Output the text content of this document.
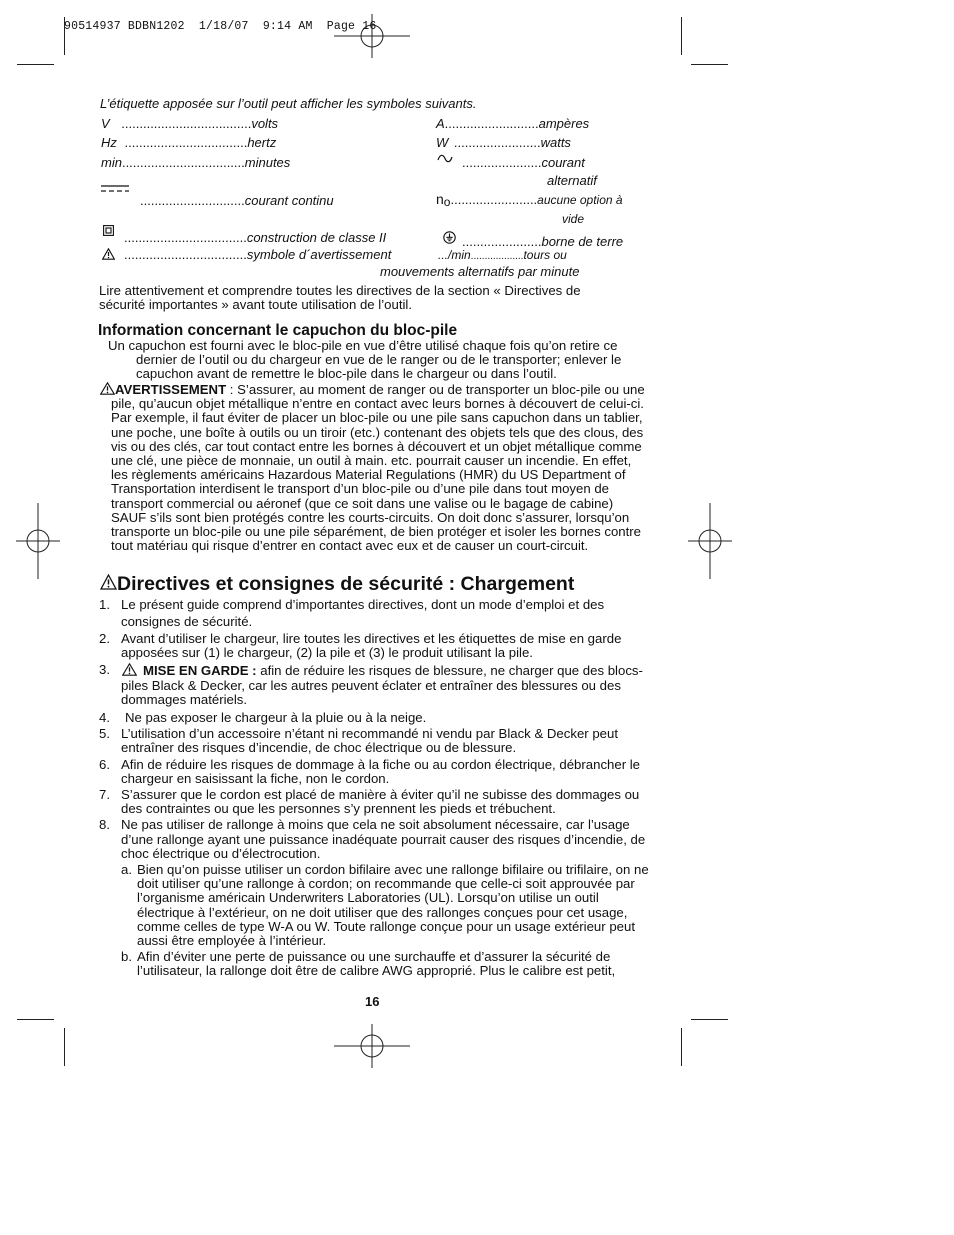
90514937 BDBN1202  1/18/07  9:14 AM  Page 16
L’étiquette apposée sur l’outil peut afficher les symboles suivants.
V ....................................volts
Hz ..................................hertz
min..................................minutes
.............................courant continu
..................................construction de classe II
..................................symbole d´avertissement
A..........................ampères
W ........................watts
......................courant
alternatif
no........................aucune option à
vide
......................borne de terre
.../min...................tours ou
mouvements alternatifs par minute

Lire attentivement et comprendre toutes les directives de la section « Directives de sécurité importantes » avant toute utilisation de l’outil.

Information concernant le capuchon du bloc-pile

Un capuchon est fourni avec le bloc-pile en vue d’être utilisé chaque fois qu’on retire ce dernier de l’outil ou du chargeur en vue de le ranger ou de le transporter; enlever le capuchon avant de remettre le bloc-pile dans le chargeur ou dans l’outil.

AVERTISSEMENT : S’assurer, au moment de ranger ou de transporter un bloc-pile ou une pile, qu’aucun objet métallique n’entre en contact avec leurs bornes à découvert de celui-ci. Par exemple, il faut éviter de placer un bloc-pile ou une pile sans capuchon dans un tablier, une poche, une boîte à outils ou un tiroir (etc.) contenant des objets tels que des clous, des vis ou des clés, car tout contact entre les bornes à découvert et un objet métallique comme une clé, une pièce de monnaie, un outil à main. etc. pourrait causer un incendie. En effet, les règlements américains Hazardous Material Regulations (HMR) du US Department of Transportation interdisent le transport d’un bloc-pile ou d’une pile dans tout moyen de transport commercial ou aéronef (que ce soit dans une valise ou le bagage de cabine) SAUF s’ils sont bien protégés contre les courts-circuits. On doit donc s’assurer, lorsqu’on transporte un bloc-pile ou une pile séparément, de bien protéger et isoler les bornes contre tout matériau qui risque d’entrer en contact avec eux et de causer un court-circuit.

Directives et consignes de sécurité : Chargement
1. Le présent guide comprend d’importantes directives, dont un mode d’emploi et des consignes de sécurité.
2. Avant d’utiliser le chargeur, lire toutes les directives et les étiquettes de mise en garde apposées sur (1) le chargeur, (2) la pile et (3) le produit utilisant la pile.
3.	MISE EN GARDE : afin de réduire les risques de blessure, ne charger que des blocs-piles Black & Decker, car les autres peuvent éclater et entraîner des blessures ou des dommages matériels.
4. Ne pas exposer le chargeur à la pluie ou à la neige.
5. L’utilisation d’un accessoire n’étant ni recommandé ni vendu par Black & Decker peut entraîner des risques d’incendie, de choc électrique ou de blessure.
6. Afin de réduire les risques de dommage à la fiche ou au cordon électrique, débrancher le chargeur en saisissant la fiche, non le cordon.
7. S’assurer que le cordon est placé de manière à éviter qu’il ne subisse des dommages ou des contraintes ou que les personnes s’y prennent les pieds et trébuchent.
8. Ne pas utiliser de rallonge à moins que cela ne soit absolument nécessaire, car l’usage d’une rallonge ayant une puissance inadéquate pourrait causer des risques d’incendie, de choc électrique ou d’électrocution.
a. Bien qu’on puisse utiliser un cordon bifilaire avec une rallonge bifilaire ou trifilaire, on ne doit utiliser qu’une rallonge à cordon; on recommande que celle-ci soit approuvée par l’organisme américain Underwriters Laboratories (UL). Lorsqu’on utilise un outil électrique à l’extérieur, on ne doit utiliser que des rallonges conçues pour cet usage, comme celles de type W-A ou W. Toute rallonge conçue pour un usage extérieur peut aussi être employée à l’intérieur.
b. Afin d’éviter une perte de puissance ou une surchauffe et d’assurer la sécurité de l’utilisateur, la rallonge doit être de calibre AWG approprié. Plus le calibre est petit,
16
